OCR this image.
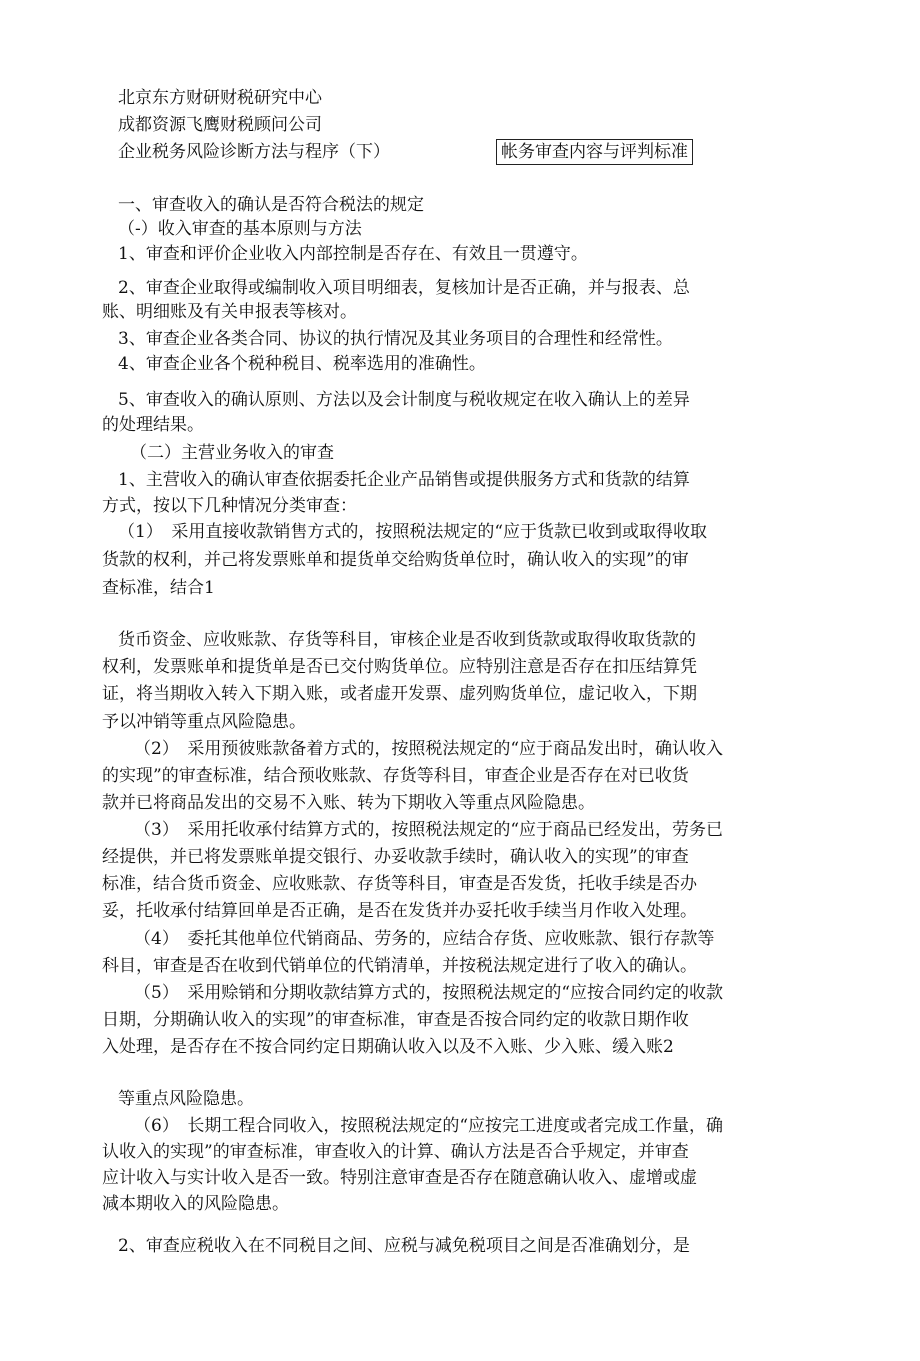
北京东方财研财税研究中心
成都资源飞鹰财税顾问公司
企业税务风险诊断方法与程序（下）	帐务审查内容与评判标准
一、审查收入的确认是否符合税法的规定
（-）收入审查的基本原则与方法
1、审查和评价企业收入内部控制是否存在、有效且一贯遵守。
2、审查企业取得或编制收入项目明细表，复核加计是否正确，并与报表、总
账、明细账及有关申报表等核对。
3、审查企业各类合同、协议的执行情况及其业务项目的合理性和经常性。
4、审查企业各个税种税目、税率选用的准确性。
5、审查收入的确认原则、方法以及会计制度与税收规定在收入确认上的差异
的处理结果。
（二）主营业务收入的审查
1、主营收入的确认审查依据委托企业产品销售或提供服务方式和货款的结算
方式，按以下几种情况分类审查：
（1）　采用直接收款销售方式的，按照税法规定的“应于货款已收到或取得收取
货款的权利，并己将发票账单和提货单交给购货单位时，确认收入的实现”的审
查标准，结合1
货币资金、应收账款、存货等科目，审核企业是否收到货款或取得收取货款的
权利，发票账单和提货单是否已交付购货单位。应特别注意是否存在扣压结算凭
证，将当期收入转入下期入账，或者虚开发票、虚列购货单位，虚记收入，下期
予以冲销等重点风险隐患。
（2）　采用预彼账款备着方式的，按照税法规定的“应于商品发出时，确认收入
的实现”的审查标准，结合预收账款、存货等科目，审查企业是否存在对已收货
款并已将商品发出的交易不入账、转为下期收入等重点风险隐患。
（3）　采用托收承付结算方式的，按照税法规定的“应于商品已经发出，劳务已
经提供，并已将发票账单提交银行、办妥收款手续时，确认收入的实现”的审查
标准，结合货币资金、应收账款、存货等科目，审查是否发货，托收手续是否办
妥，托收承付结算回单是否正确，是否在发货并办妥托收手续当月作收入处理。
（4）　委托其他单位代销商品、劳务的，应结合存货、应收账款、银行存款等
科目，审查是否在收到代销单位的代销清单，并按税法规定进行了收入的确认。
（5）　采用赊销和分期收款结算方式的，按照税法规定的“应按合同约定的收款
日期，分期确认收入的实现”的审查标准，审查是否按合同约定的收款日期作收
入处理，是否存在不按合同约定日期确认收入以及不入账、少入账、缓入账2
等重点风险隐患。
（6）　长期工程合同收入，按照税法规定的“应按完工进度或者完成工作量，确
认收入的实现”的审查标准，审查收入的计算、确认方法是否合乎规定，并审查
应计收入与实计收入是否一致。特别注意审查是否存在随意确认收入、虚增或虚
减本期收入的风险隐患。
2、审查应税收入在不同税目之间、应税与减免税项目之间是否准确划分，是
